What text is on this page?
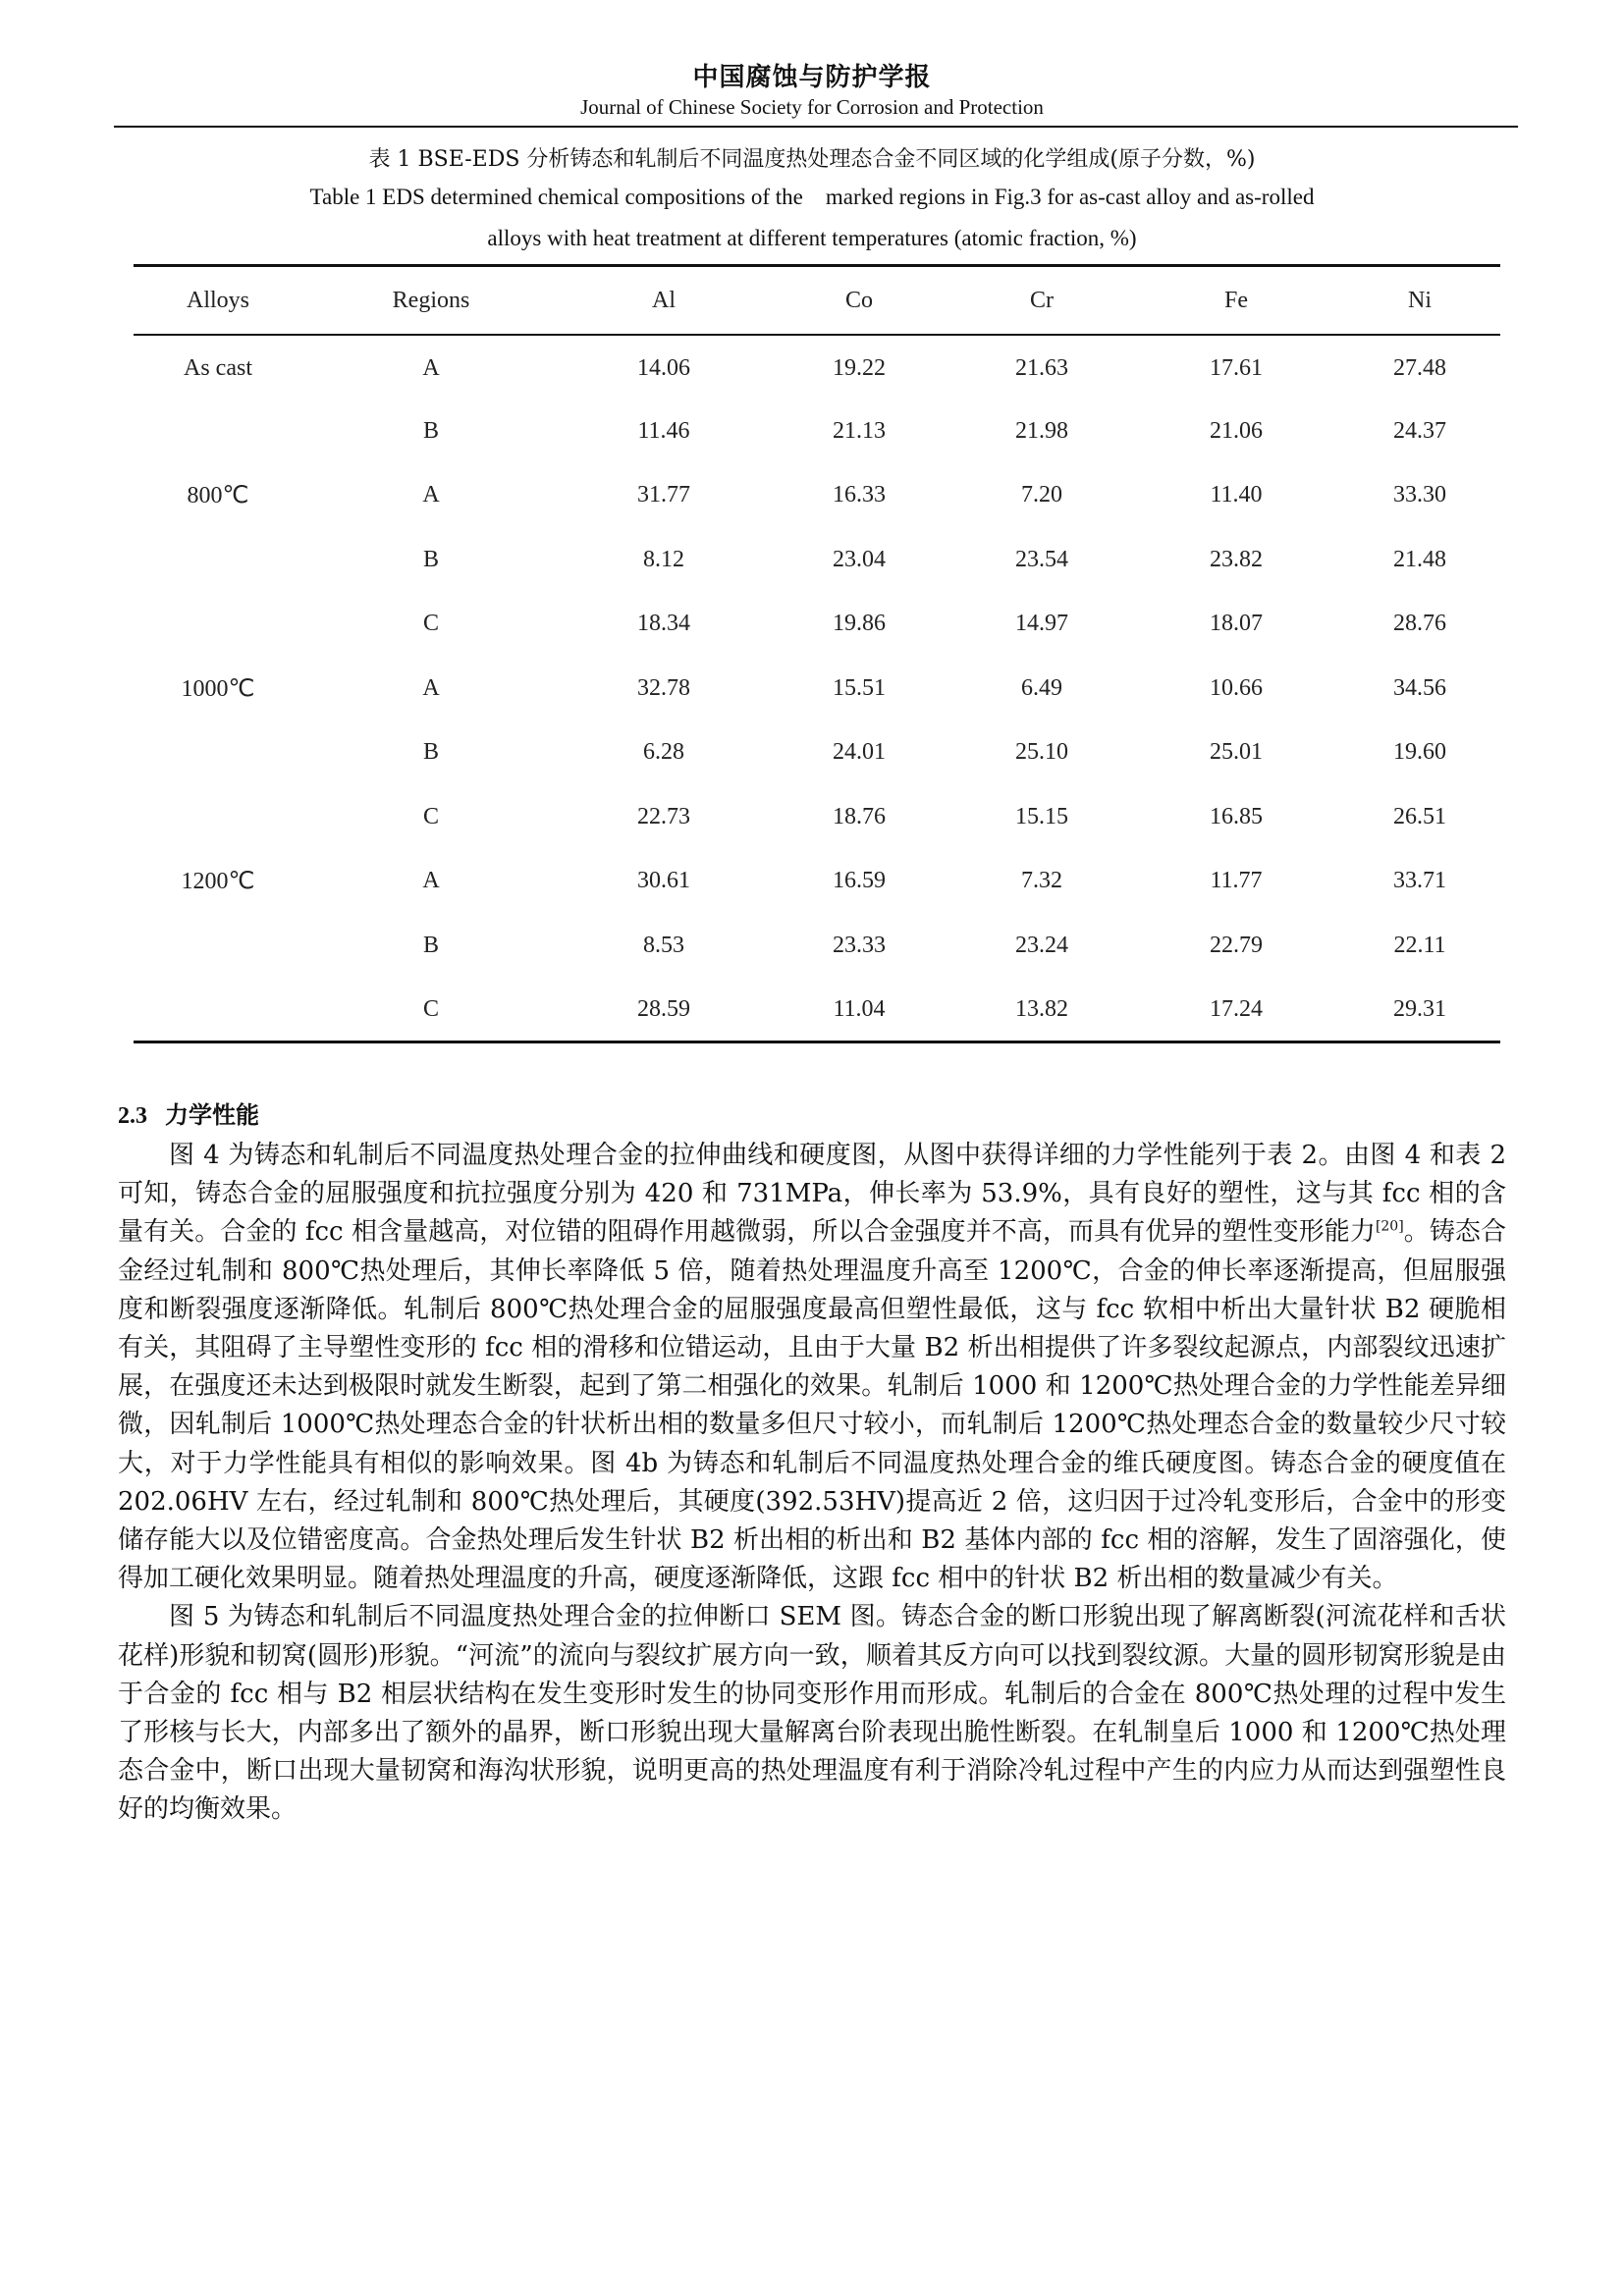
中国腐蚀与防护学报
Journal of Chinese Society for Corrosion and Protection
表 1 BSE-EDS 分析铸态和轧制后不同温度热处理态合金不同区域的化学组成(原子分数，%)
Table 1 EDS determined chemical compositions of the    marked regions in Fig.3 for as-cast alloy and as-rolled
alloys with heat treatment at different temperatures (atomic fraction, %)
Alloys	Regions	Al	Co	Cr	Fe	Ni
As cast	A	14.06	19.22	21.63	17.61	27.48
	B	11.46	21.13	21.98	21.06	24.37
800℃	A	31.77	16.33	7.20	11.40	33.30
	B	8.12	23.04	23.54	23.82	21.48
	C	18.34	19.86	14.97	18.07	28.76
1000℃	A	32.78	15.51	6.49	10.66	34.56
	B	6.28	24.01	25.10	25.01	19.60
	C	22.73	18.76	15.15	16.85	26.51
1200℃	A	30.61	16.59	7.32	11.77	33.71
	B	8.53	23.33	23.24	22.79	22.11
	C	28.59	11.04	13.82	17.24	29.31
2.3 力学性能

图 4 为铸态和轧制后不同温度热处理合金的拉伸曲线和硬度图，从图中获得详细的力学性能列于表 2。由图 4 和表 2 可知，铸态合金的屈服强度和抗拉强度分别为 420 和 731MPa，伸长率为 53.9%，具有良好的塑性，这与其 fcc 相的含量有关。合金的 fcc 相含量越高，对位错的阻碍作用越微弱，所以合金强度并不高，而具有优异的塑性变形能力[20]。铸态合金经过轧制和 800℃热处理后，其伸长率降低 5 倍，随着热处理温度升高至 1200℃，合金的伸长率逐渐提高，但屈服强度和断裂强度逐渐降低。轧制后 800℃热处理合金的屈服强度最高但塑性最低，这与 fcc 软相中析出大量针状 B2 硬脆相有关，其阻碍了主导塑性变形的 fcc 相的滑移和位错运动，且由于大量 B2 析出相提供了许多裂纹起源点，内部裂纹迅速扩展，在强度还未达到极限时就发生断裂，起到了第二相强化的效果。轧制后 1000 和 1200℃热处理合金的力学性能差异细微，因轧制后 1000℃热处理态合金的针状析出相的数量多但尺寸较小，而轧制后 1200℃热处理态合金的数量较少尺寸较大，对于力学性能具有相似的影响效果。图 4b 为铸态和轧制后不同温度热处理合金的维氏硬度图。铸态合金的硬度值在 202.06HV 左右，经过轧制和 800℃热处理后，其硬度(392.53HV)提高近 2 倍，这归因于过冷轧变形后，合金中的形变储存能大以及位错密度高。合金热处理后发生针状 B2 析出相的析出和 B2 基体内部的 fcc 相的溶解，发生了固溶强化，使得加工硬化效果明显。随着热处理温度的升高，硬度逐渐降低，这跟 fcc 相中的针状 B2 析出相的数量减少有关。

图 5 为铸态和轧制后不同温度热处理合金的拉伸断口 SEM 图。铸态合金的断口形貌出现了解离断裂(河流花样和舌状花样)形貌和韧窝(圆形)形貌。“河流”的流向与裂纹扩展方向一致，顺着其反方向可以找到裂纹源。大量的圆形韧窝形貌是由于合金的 fcc 相与 B2 相层状结构在发生变形时发生的协同变形作用而形成。轧制后的合金在 800℃热处理的过程中发生了形核与长大，内部多出了额外的晶界，断口形貌出现大量解离台阶表现出脆性断裂。在轧制皇后 1000 和 1200℃热处理态合金中，断口出现大量韧窝和海沟状形貌，说明更高的热处理温度有利于消除冷轧过程中产生的内应力从而达到强塑性良好的均衡效果。
